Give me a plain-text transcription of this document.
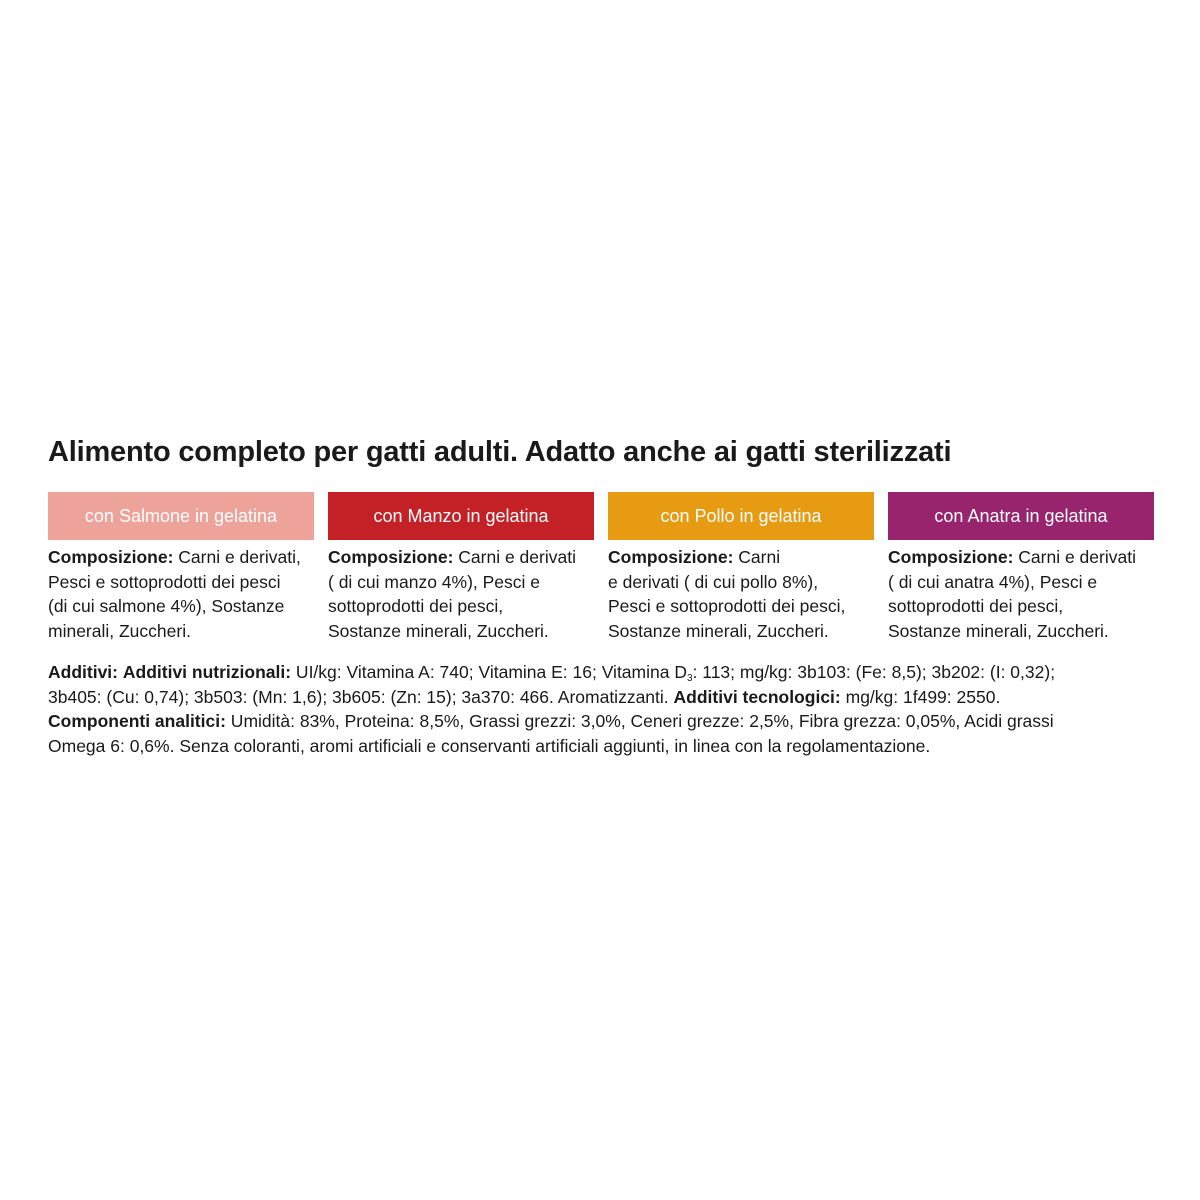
Alimento completo per gatti adulti. Adatto anche ai gatti sterilizzati
con Salmone in gelatina
Composizione: Carni e derivati,
Pesci e sottoprodotti dei pesci
(di cui salmone 4%), Sostanze
minerali, Zuccheri.
con Manzo in gelatina
Composizione: Carni e derivati
( di cui manzo 4%), Pesci e
sottoprodotti dei pesci,
Sostanze minerali, Zuccheri.
con Pollo in gelatina
Composizione: Carni
e derivati ( di cui pollo 8%),
Pesci e sottoprodotti dei pesci,
Sostanze minerali, Zuccheri.
con Anatra in gelatina
Composizione: Carni e derivati
( di cui anatra 4%), Pesci e
sottoprodotti dei pesci,
Sostanze minerali, Zuccheri.
Additivi: Additivi nutrizionali: UI/kg: Vitamina A: 740; Vitamina E: 16; Vitamina $D_3$: 113; mg/kg: 3b103: (Fe: 8,5); 3b202: (I: 0,32);
3b405: (Cu: 0,74); 3b503: (Mn: 1,6); 3b605: (Zn: 15); 3a370: 466. Aromatizzanti. Additivi tecnologici: mg/kg: 1f499: 2550.
Componenti analitici: Umidità: 83%, Proteina: 8,5%, Grassi grezzi: 3,0%, Ceneri grezze: 2,5%, Fibra grezza: 0,05%, Acidi grassi
Omega 6: 0,6%. Senza coloranti, aromi artificiali e conservanti artificiali aggiunti, in linea con la regolamentazione.
